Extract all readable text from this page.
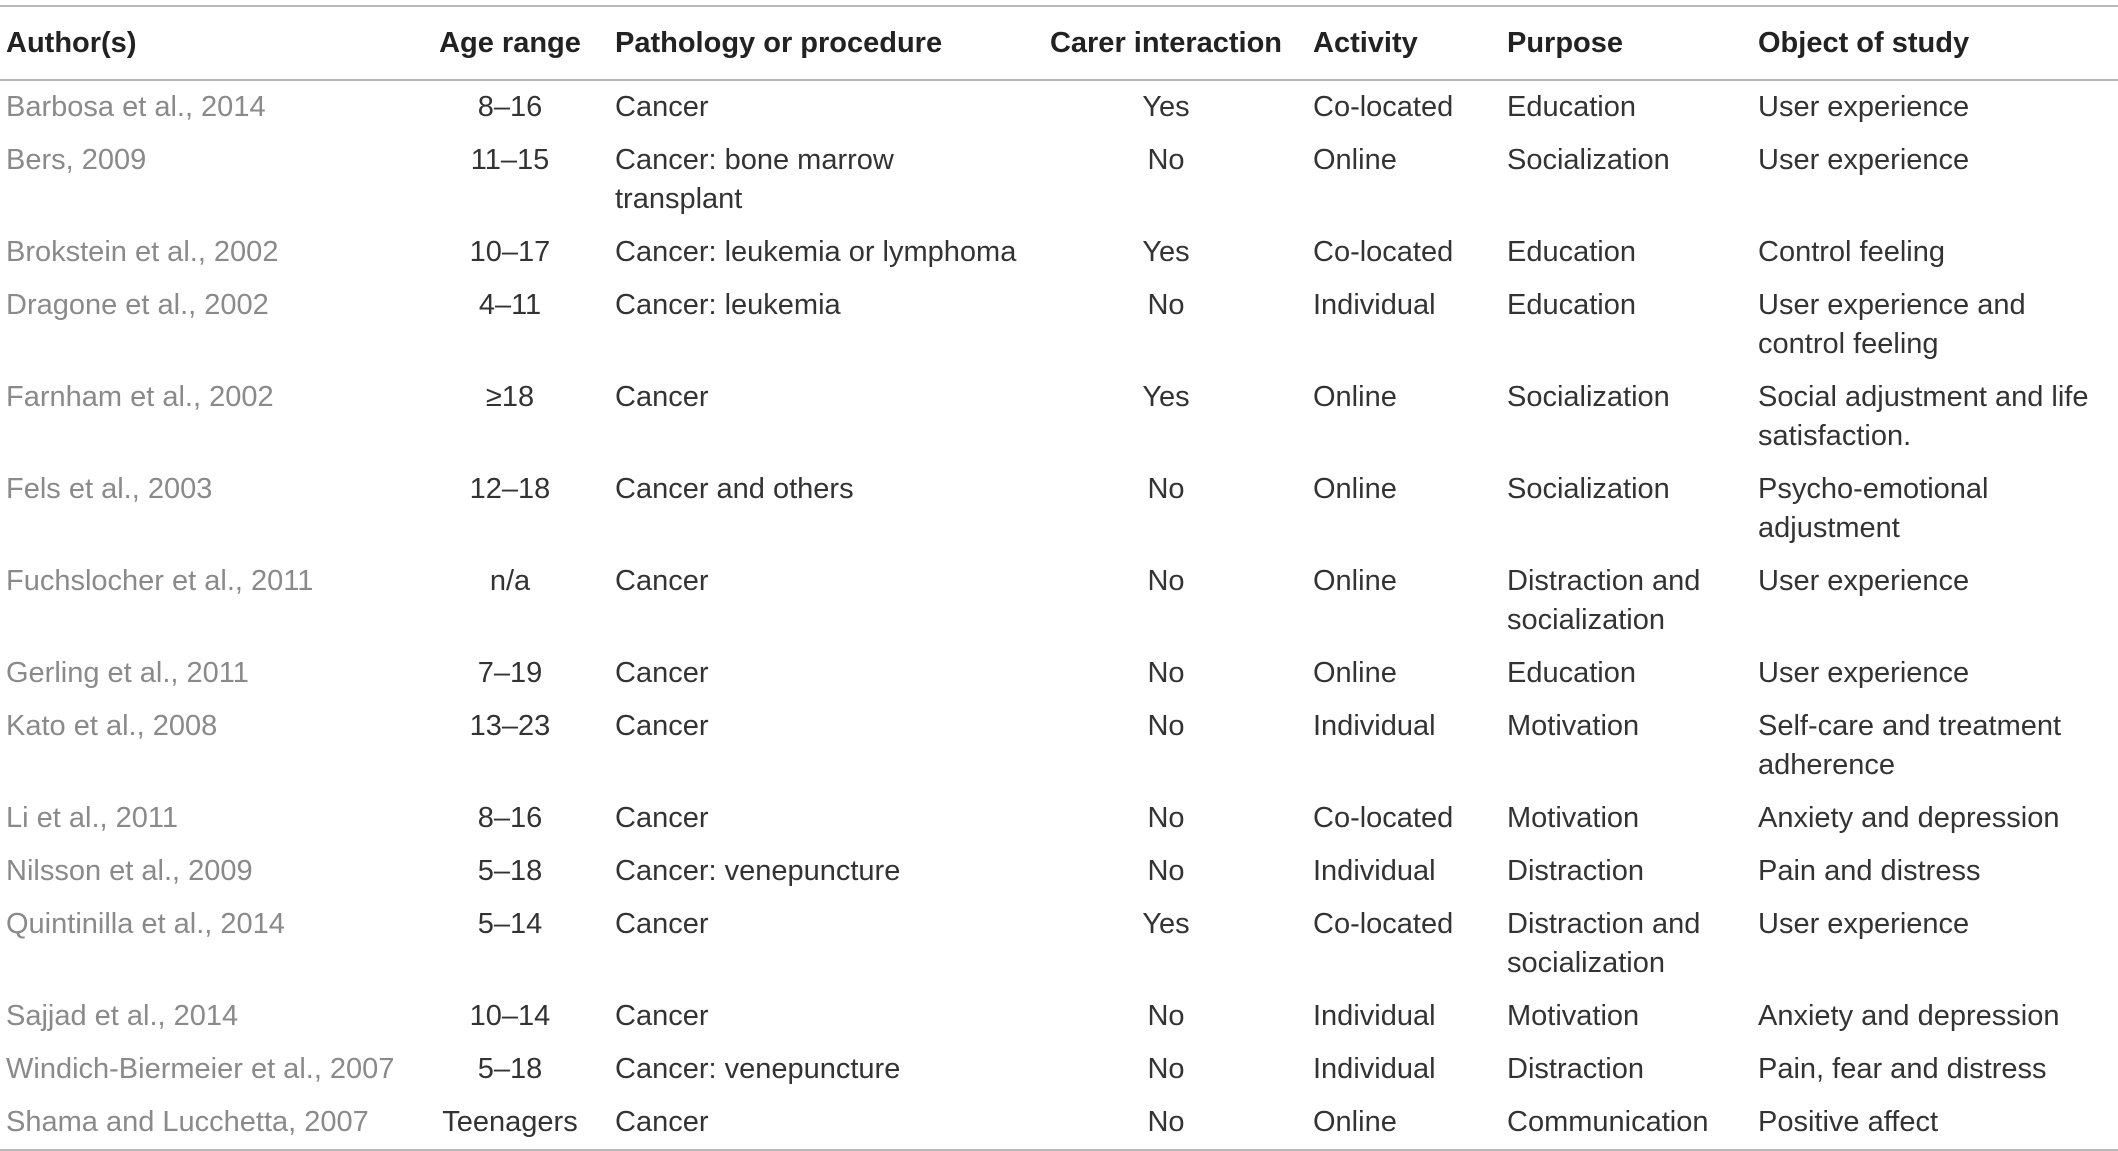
Author(s)	Age range	Pathology or procedure	Carer interaction	Activity	Purpose	Object of study
Barbosa et al., 2014	8–16	Cancer	Yes	Co-located	Education	User experience
Bers, 2009	11–15	Cancer: bone marrow transplant	No	Online	Socialization	User experience
Brokstein et al., 2002	10–17	Cancer: leukemia or lymphoma	Yes	Co-located	Education	Control feeling
Dragone et al., 2002	4–11	Cancer: leukemia	No	Individual	Education	User experience and control feeling
Farnham et al., 2002	≥18	Cancer	Yes	Online	Socialization	Social adjustment and life satisfaction.
Fels et al., 2003	12–18	Cancer and others	No	Online	Socialization	Psycho-emotional adjustment
Fuchslocher et al., 2011	n/a	Cancer	No	Online	Distraction and socialization	User experience
Gerling et al., 2011	7–19	Cancer	No	Online	Education	User experience
Kato et al., 2008	13–23	Cancer	No	Individual	Motivation	Self-care and treatment adherence
Li et al., 2011	8–16	Cancer	No	Co-located	Motivation	Anxiety and depression
Nilsson et al., 2009	5–18	Cancer: venepuncture	No	Individual	Distraction	Pain and distress
Quintinilla et al., 2014	5–14	Cancer	Yes	Co-located	Distraction and socialization	User experience
Sajjad et al., 2014	10–14	Cancer	No	Individual	Motivation	Anxiety and depression
Windich-Biermeier et al., 2007	5–18	Cancer: venepuncture	No	Individual	Distraction	Pain, fear and distress
Shama and Lucchetta, 2007	Teenagers	Cancer	No	Online	Communication	Positive affect
